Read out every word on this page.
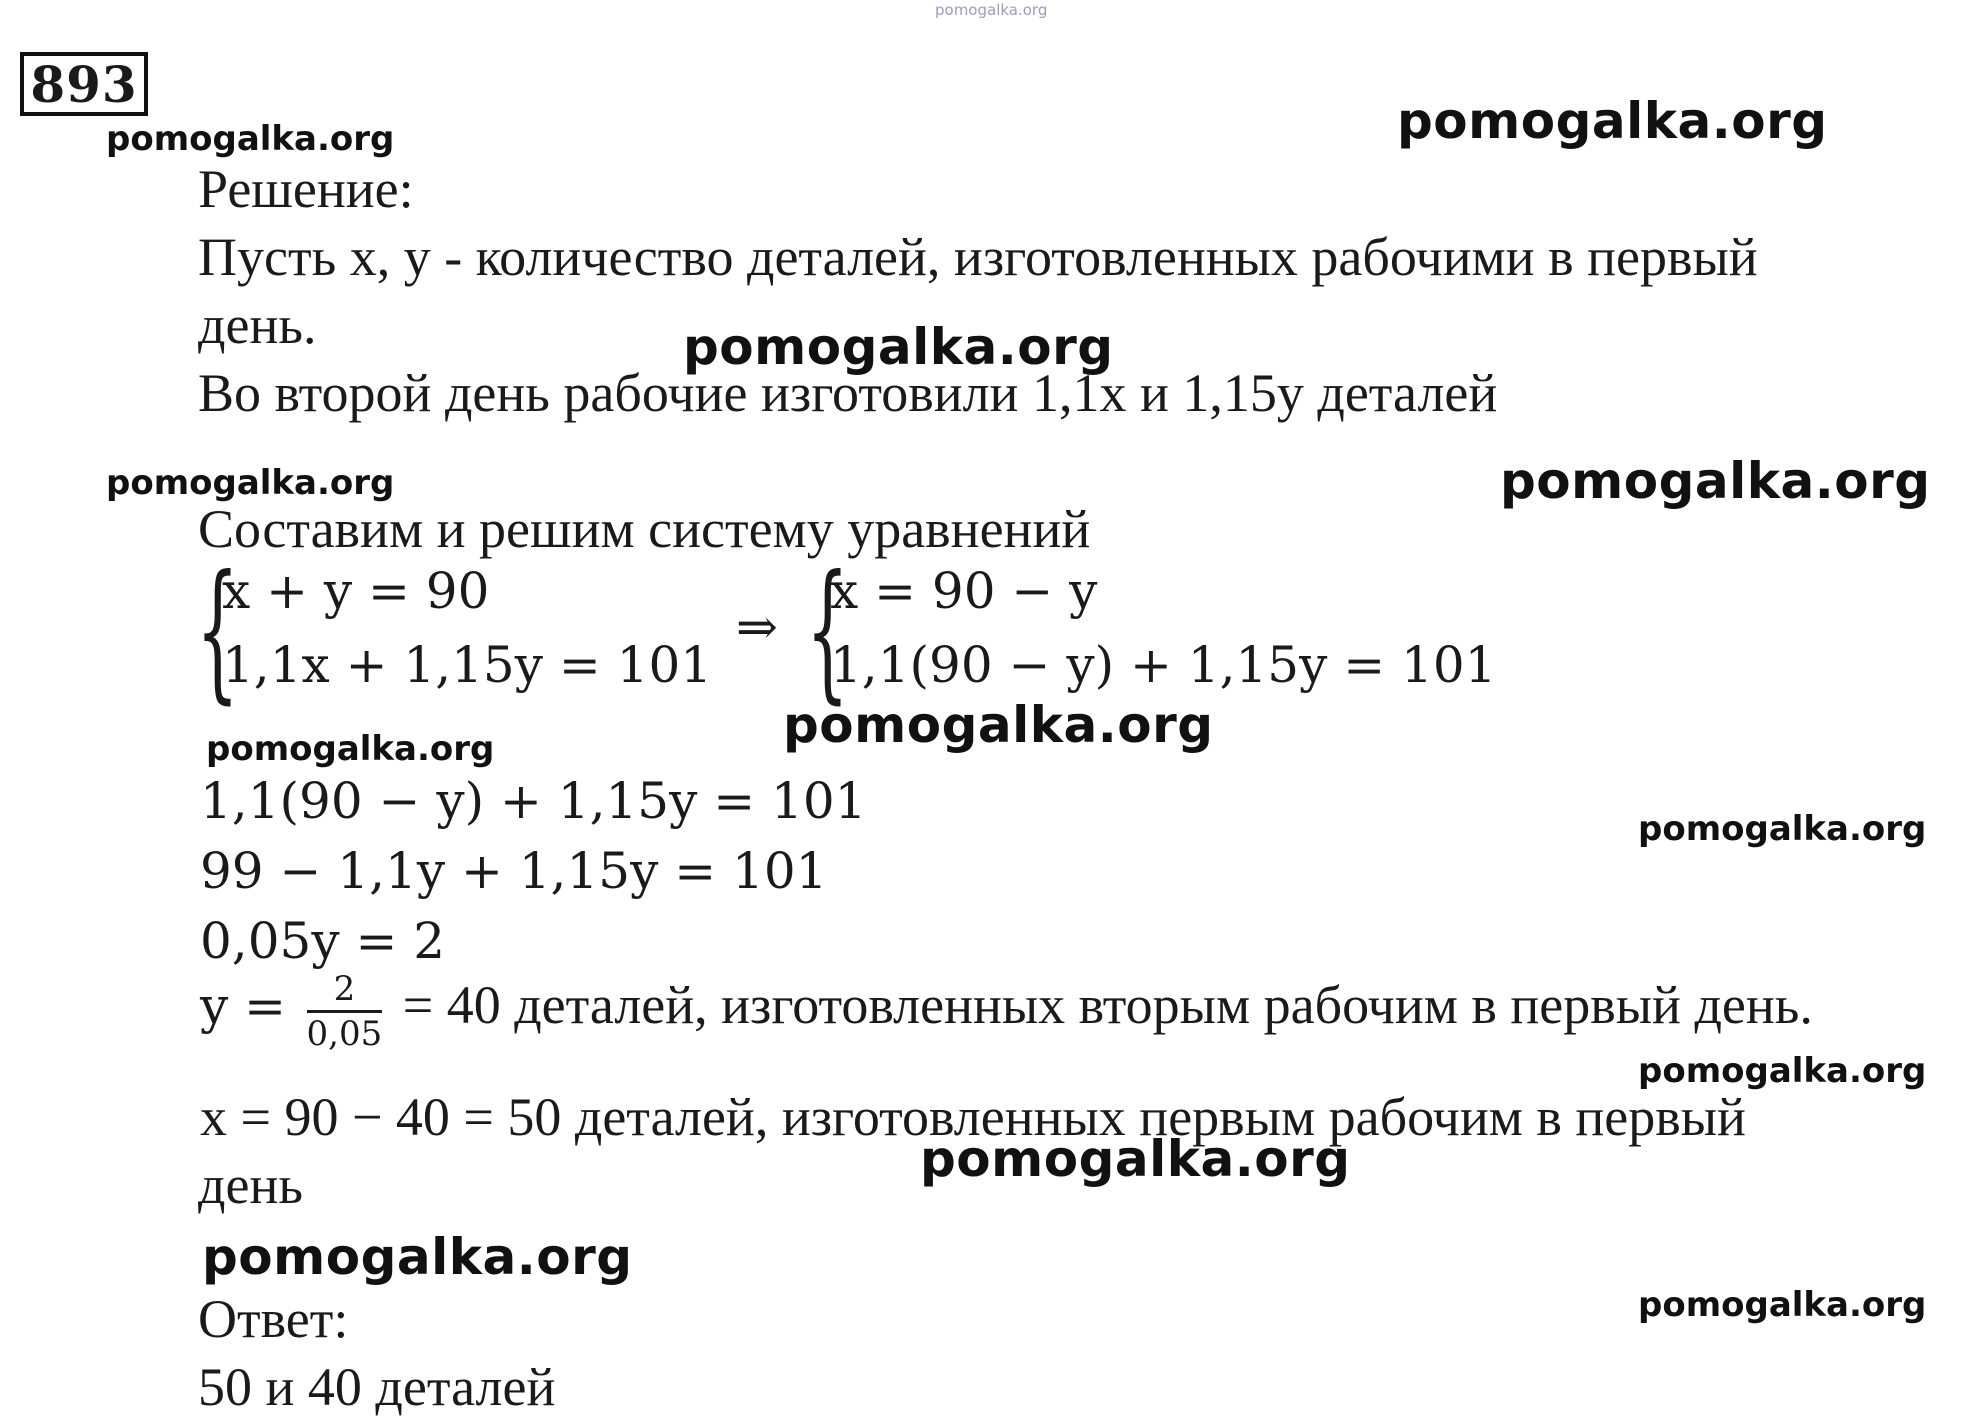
pomogalka.org
893
pomogalka.org	pomogalka.org
pomogalka.org
pomogalka.org	pomogalka.org
pomogalka.org	pomogalka.org
pomogalka.org
pomogalka.org
pomogalka.org
pomogalka.org
pomogalka.org
Решение:
Пусть x, y - количество деталей, изготовленных рабочими в первый
день.
Во второй день рабочие изготовили 1,1x и 1,15y деталей
Составим и решим систему уравнений
{
x + y = 90
1,1x + 1,15y = 101
⇒ {
x = 90 − y
1,1(90 − y) + 1,15y = 101
1,1(90 − y) + 1,15y = 101
99 − 1,1y + 1,15y = 101
0,05y = 2
$y = \frac{2}{0,05} = 40$ деталей, изготовленных вторым рабочим в первый день.
x = 90 − 40 = 50 деталей, изготовленных первым рабочим в первый
день
Ответ:
50 и 40 деталей
